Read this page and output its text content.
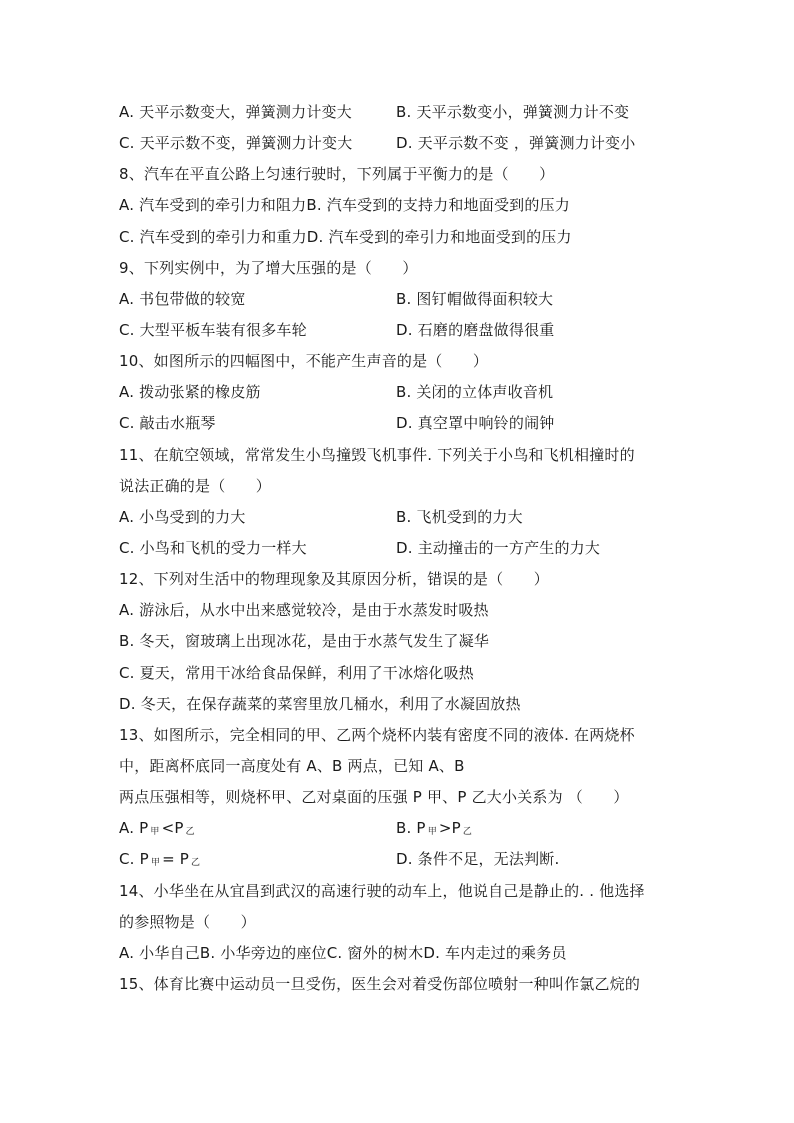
A. 天平示数变大，弹簧测力计变大	B. 天平示数变小，弹簧测力计不变
C. 天平示数不变，弹簧测力计变大	D. 天平示数不变 ，弹簧测力计变小
8、汽车在平直公路上匀速行驶时，下列属于平衡力的是（　　）
A. 汽车受到的牵引力和阻力B. 汽车受到的支持力和地面受到的压力
C. 汽车受到的牵引力和重力D. 汽车受到的牵引力和地面受到的压力
9、下列实例中，为了增大压强的是（　　）
A. 书包带做的较宽	B. 图钉帽做得面积较大
C. 大型平板车装有很多车轮	D. 石磨的磨盘做得很重
10、如图所示的四幅图中，不能产生声音的是（　　）
A. 拨动张紧的橡皮筋	B. 关闭的立体声收音机
C. 敲击水瓶琴	D. 真空罩中响铃的闹钟
11、在航空领域，常常发生小鸟撞毁飞机事件. 下列关于小鸟和飞机相撞时的
说法正确的是（　　）
A. 小鸟受到的力大	B. 飞机受到的力大
C. 小鸟和飞机的受力一样大	D. 主动撞击的一方产生的力大
12、下列对生活中的物理现象及其原因分析，错误的是（　　）
A. 游泳后，从水中出来感觉较冷，是由于水蒸发时吸热
B. 冬天，窗玻璃上出现冰花，是由于水蒸气发生了凝华
C. 夏天，常用干冰给食品保鲜，利用了干冰熔化吸热
D. 冬天，在保存蔬菜的菜窖里放几桶水，利用了水凝固放热
13、如图所示，完全相同的甲、乙两个烧杯内装有密度不同的液体. 在两烧杯
中，距离杯底同一高度处有 A、B 两点，已知 A、B
两点压强相等，则烧杯甲、乙对桌面的压强 P 甲、P 乙大小关系为 （　　）
A. P 甲 <P 乙	B. P 甲 >P 乙
C. P 甲 = P 乙	D. 条件不足，无法判断.
14、小华坐在从宜昌到武汉的高速行驶的动车上，他说自己是静止的. . 他选择
的参照物是（　　）
A. 小华自己B. 小华旁边的座位C. 窗外的树木D. 车内走过的乘务员
15、体育比赛中运动员一旦受伤，医生会对着受伤部位喷射一种叫作氯乙烷的
